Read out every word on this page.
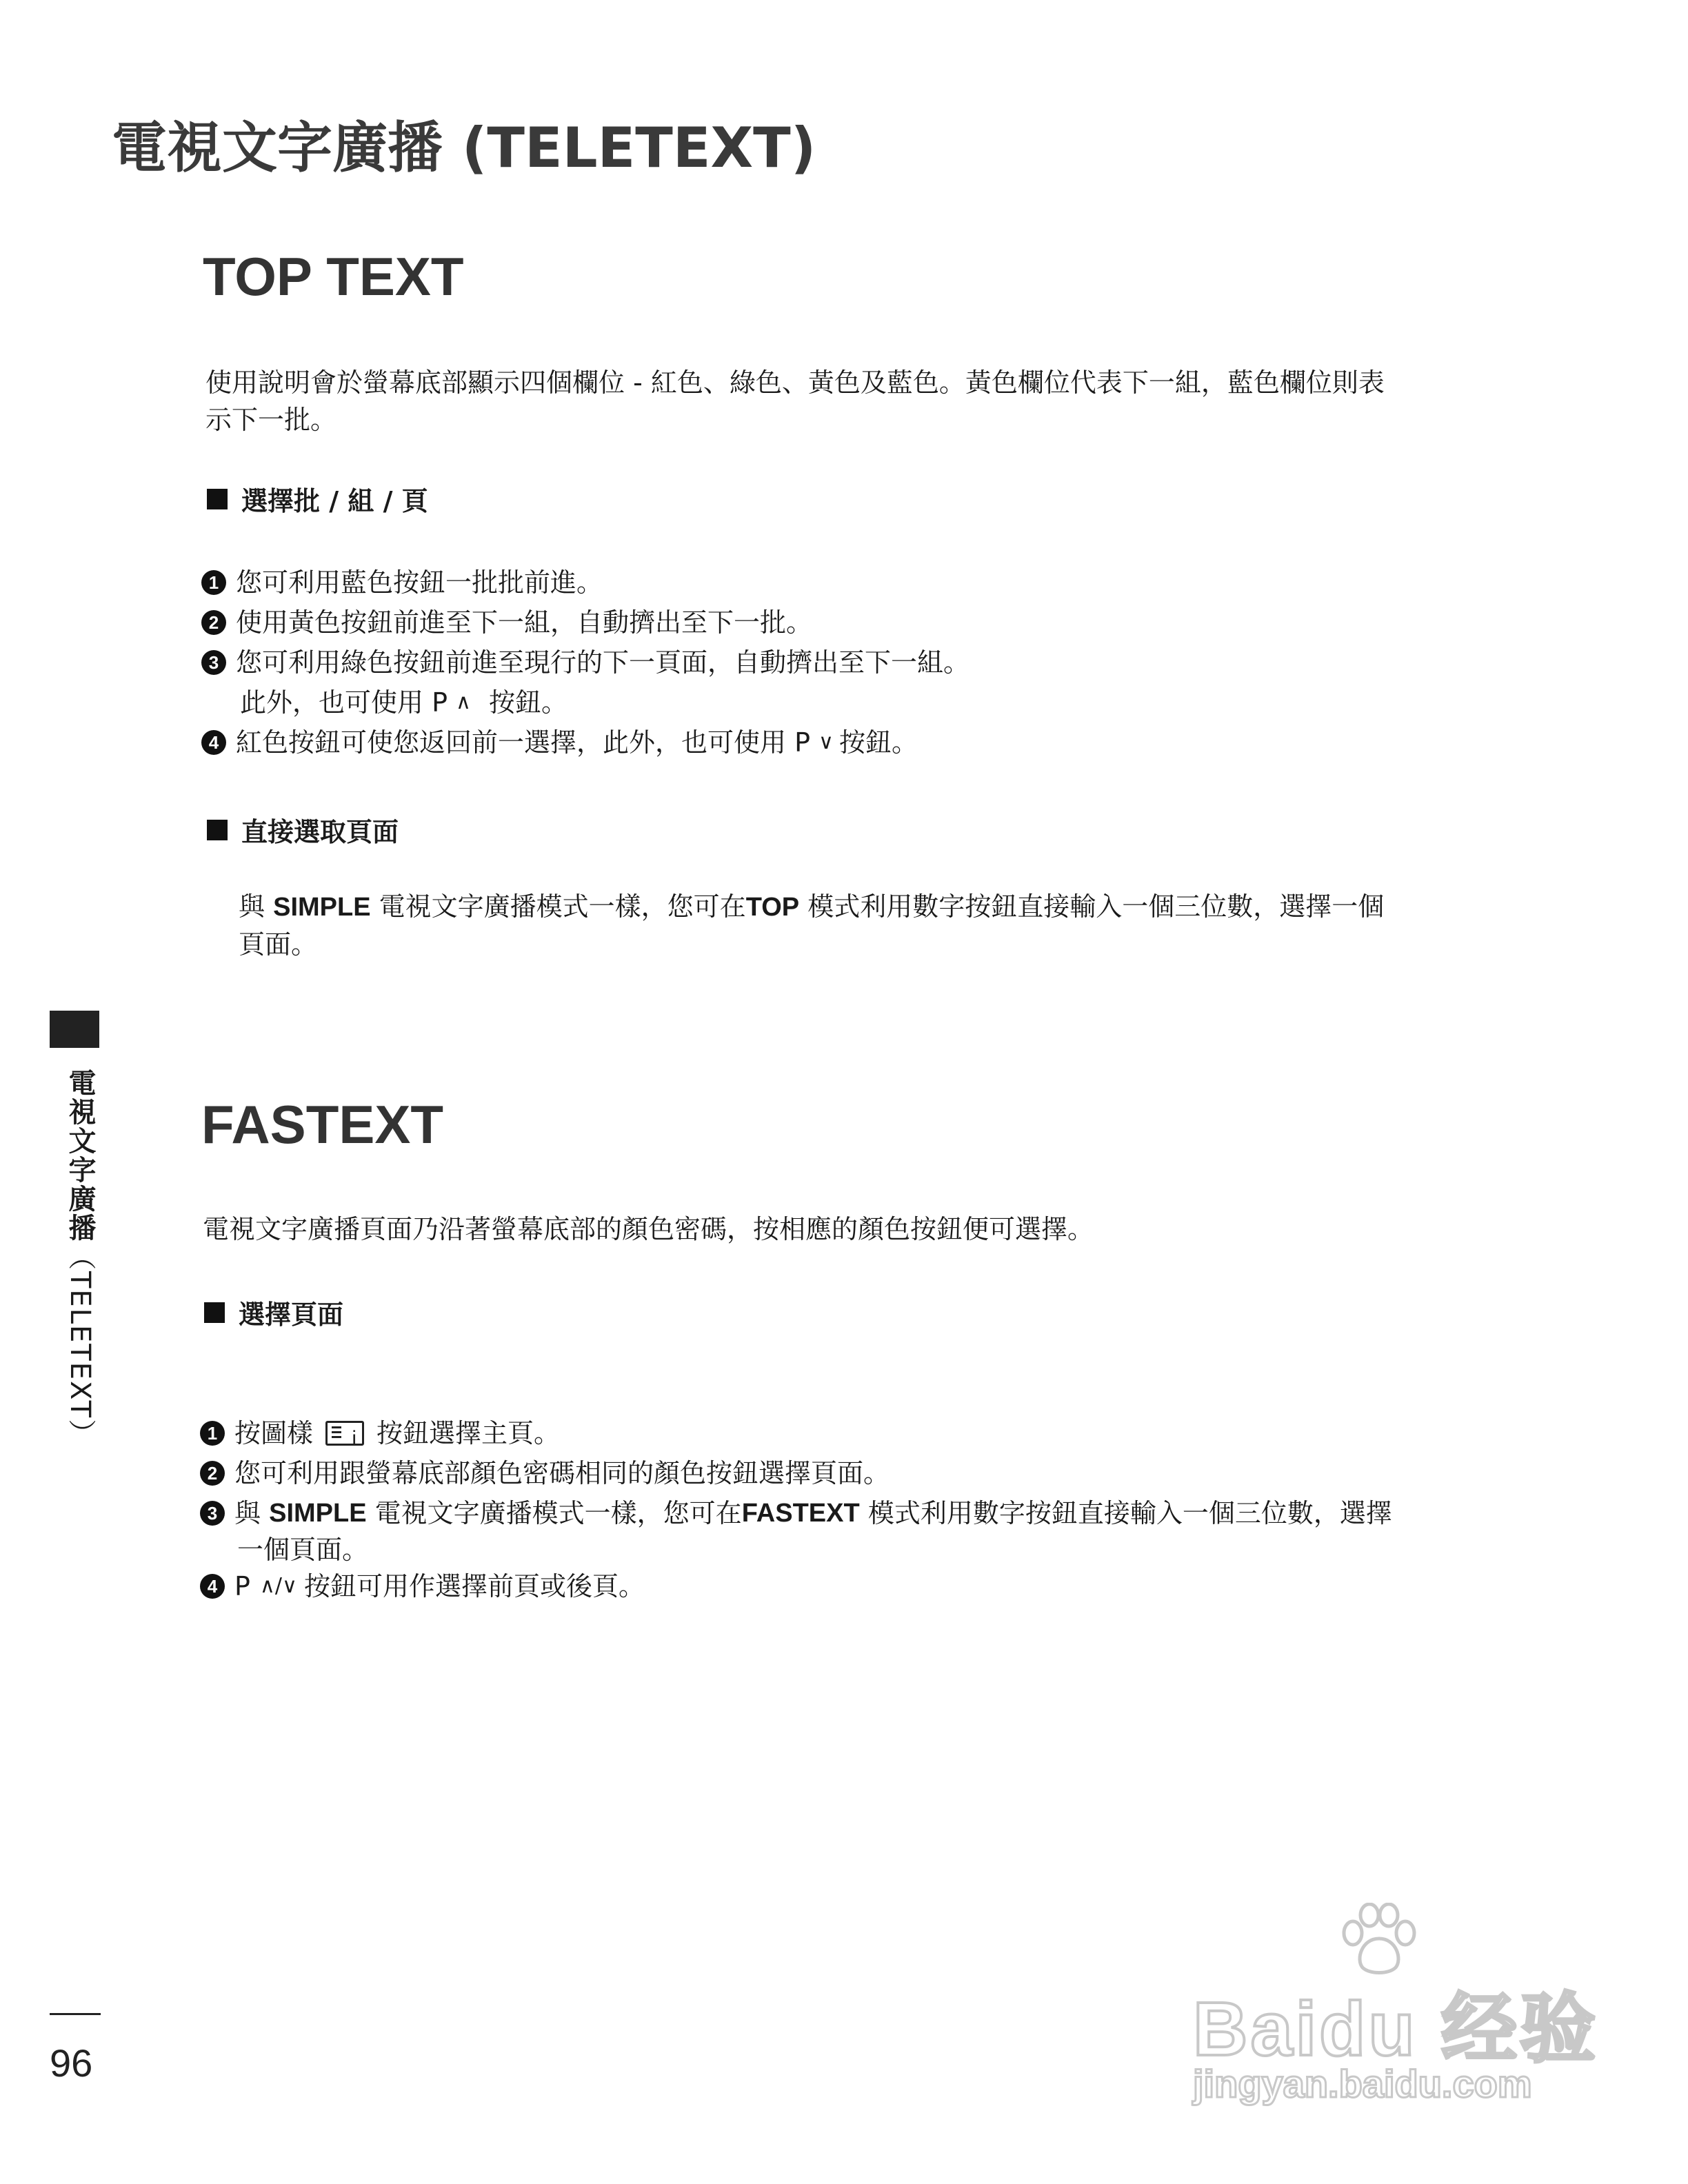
電視文字廣播 (TELETEXT)
TOP TEXT
使用說明會於螢幕底部顯示四個欄位 - 紅色、綠色、黃色及藍色。黃色欄位代表下一組，藍色欄位則表
示下一批。
選擇批 / 組 / 頁
1 您可利用藍色按鈕一批批前進。
2 使用黃色按鈕前進至下一組，自動擠出至下一批。
3 您可利用綠色按鈕前進至現行的下一頁面，自動擠出至下一組。
此外，也可使用 P ∧ 按鈕。
4 紅色按鈕可使您返回前一選擇，此外，也可使用 P ∨ 按鈕。
直接選取頁面
與 SIMPLE 電視文字廣播模式一樣，您可在TOP 模式利用數字按鈕直接輸入一個三位數，選擇一個
頁面。
電視文字廣播（TELETEXT）
FASTEXT
電視文字廣播頁面乃沿著螢幕底部的顏色密碼，按相應的顏色按鈕便可選擇。
選擇頁面
1 按圖樣
i 按鈕選擇主頁。
2 您可利用跟螢幕底部顏色密碼相同的顏色按鈕選擇頁面。
3 與
SIMPLE
電視文字廣播模式一樣，您可在 FASTEXT
模式利用數字按鈕直接輸入一個三位數，選擇
一個頁面。
4 P ∧/∨ 按鈕可用作選擇前頁或後頁。
96	Baidu 经验
jingyan.baidu.com
